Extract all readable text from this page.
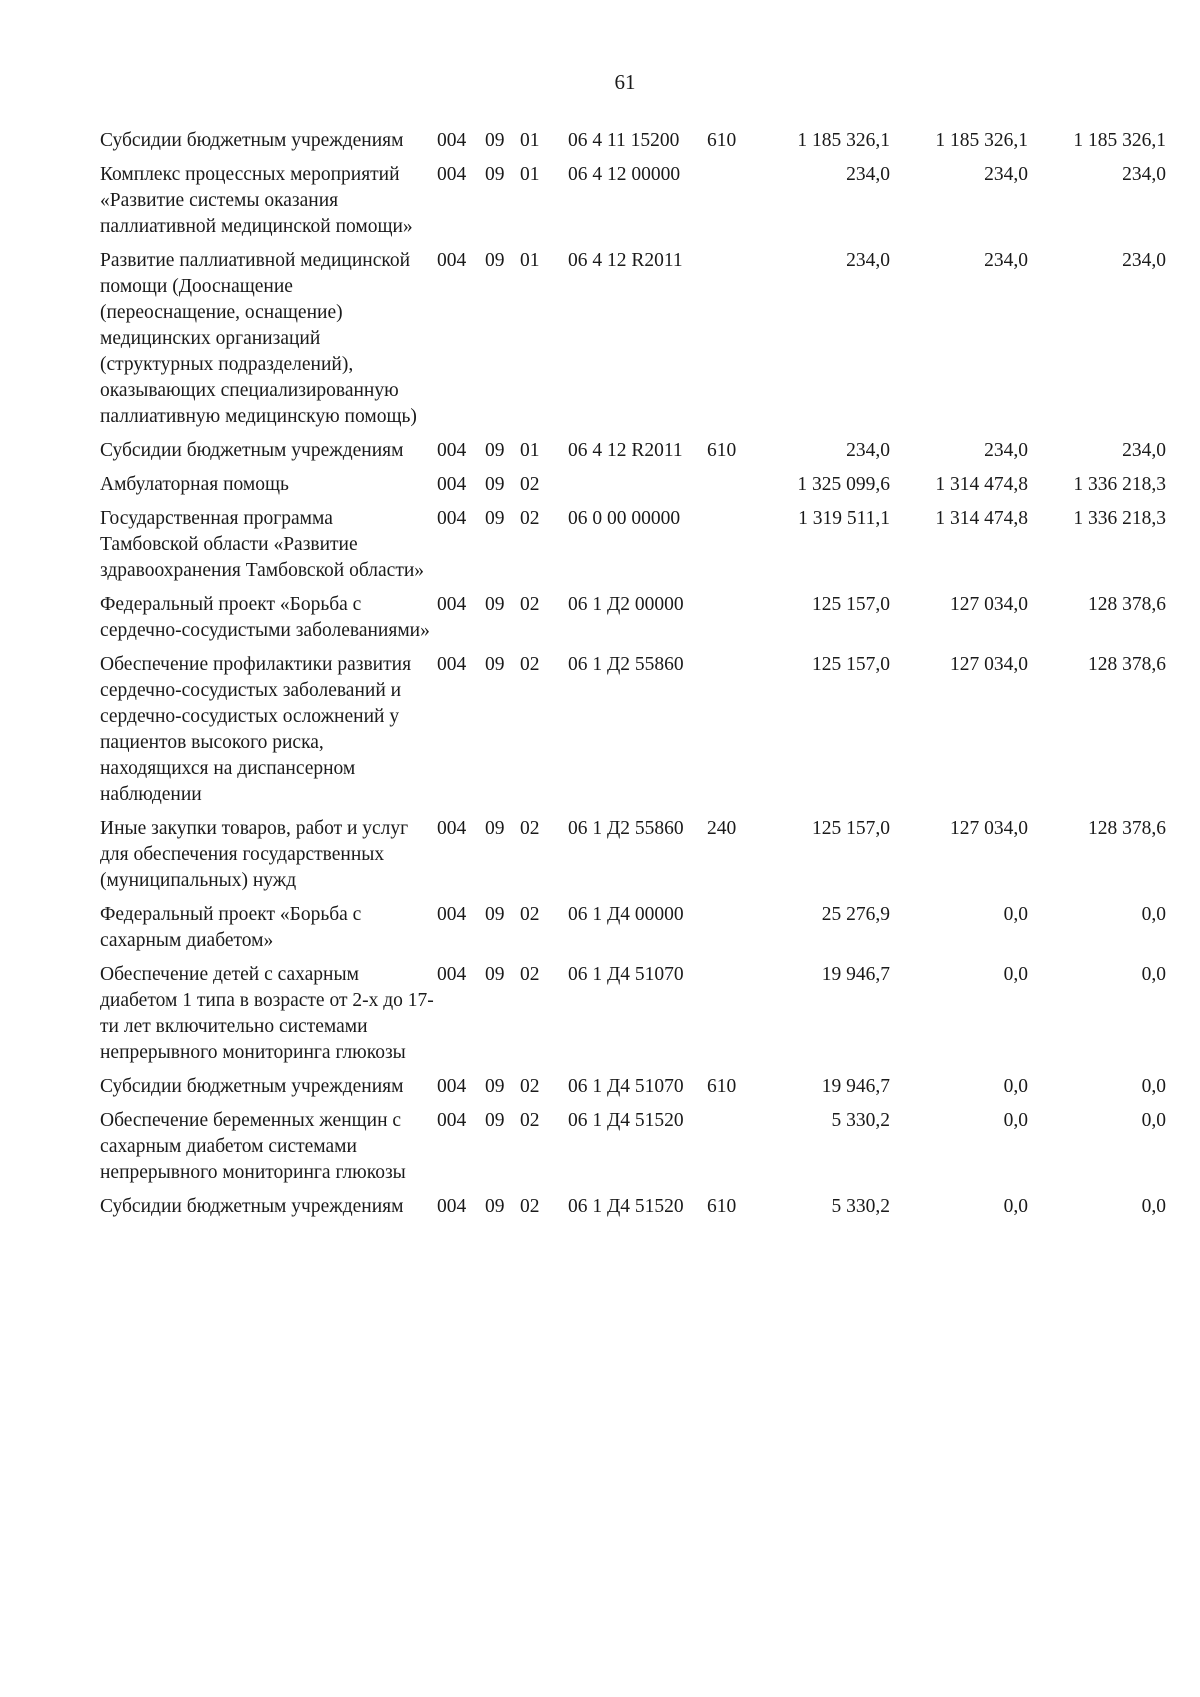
61
Субсидии бюджетным учреждениям	004	09	01	06 4 11 15200	610	1 185 326,1	1 185 326,1	1 185 326,1
Комплекс процессных мероприятий «Развитие системы оказания паллиативной медицинской помощи»	004	09	01	06 4 12 00000		234,0	234,0	234,0
Развитие паллиативной медицинской помощи (Дооснащение (переоснащение, оснащение) медицинских организаций (структурных подразделений), оказывающих специализированную паллиативную медицинскую помощь)	004	09	01	06 4 12 R2011		234,0	234,0	234,0
Субсидии бюджетным учреждениям	004	09	01	06 4 12 R2011	610	234,0	234,0	234,0
Амбулаторная помощь	004	09	02			1 325 099,6	1 314 474,8	1 336 218,3
Государственная программа Тамбовской области «Развитие здравоохранения Тамбовской области»	004	09	02	06 0 00 00000		1 319 511,1	1 314 474,8	1 336 218,3
Федеральный проект «Борьба с сердечно-сосудистыми заболеваниями»	004	09	02	06 1 Д2 00000		125 157,0	127 034,0	128 378,6
Обеспечение профилактики развития сердечно-сосудистых заболеваний и сердечно-сосудистых осложнений у пациентов высокого риска, находящихся на диспансерном наблюдении	004	09	02	06 1 Д2 55860		125 157,0	127 034,0	128 378,6
Иные закупки товаров, работ и услуг для обеспечения государственных (муниципальных) нужд	004	09	02	06 1 Д2 55860	240	125 157,0	127 034,0	128 378,6
Федеральный проект «Борьба с сахарным диабетом»	004	09	02	06 1 Д4 00000		25 276,9	0,0	0,0
Обеспечение детей с сахарным диабетом 1 типа в возрасте от 2-х до 17-ти лет включительно системами непрерывного мониторинга глюкозы	004	09	02	06 1 Д4 51070		19 946,7	0,0	0,0
Субсидии бюджетным учреждениям	004	09	02	06 1 Д4 51070	610	19 946,7	0,0	0,0
Обеспечение беременных женщин с сахарным диабетом системами непрерывного мониторинга глюкозы	004	09	02	06 1 Д4 51520		5 330,2	0,0	0,0
Субсидии бюджетным учреждениям	004	09	02	06 1 Д4 51520	610	5 330,2	0,0	0,0
